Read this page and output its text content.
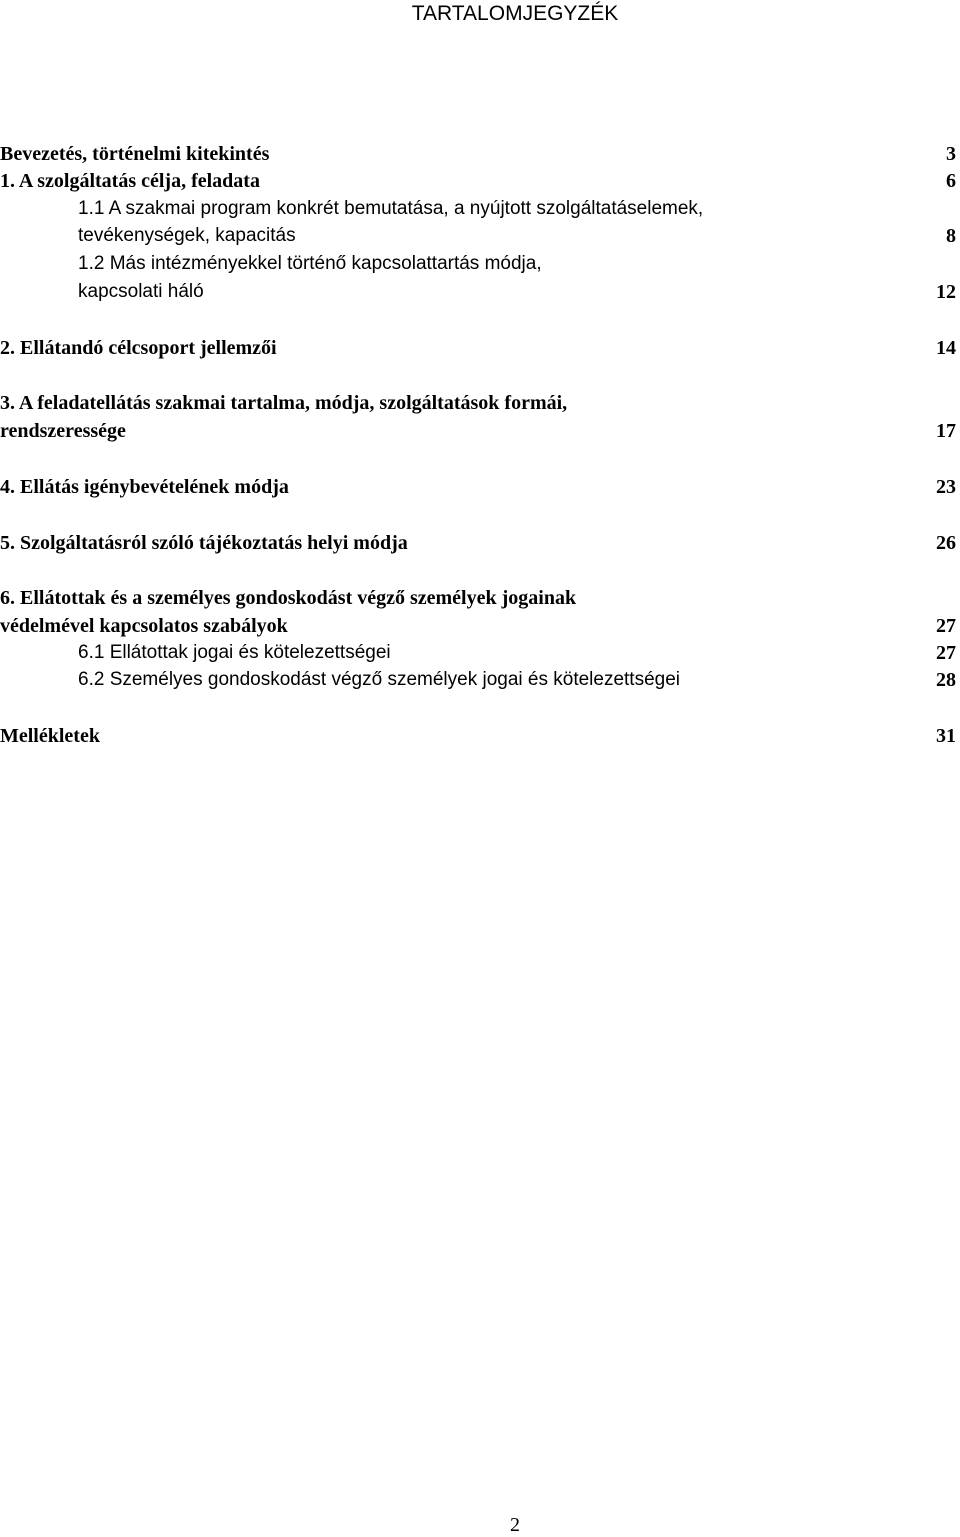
TARTALOMJEGYZÉK
Bevezetés, történelmi kitekintés	3
1. A szolgáltatás célja, feladata	6
1.1 A szakmai program konkrét bemutatása, a nyújtott szolgáltatáselemek,
tevékenységek, kapacitás	8
1.2 Más intézményekkel történő kapcsolattartás módja,
kapcsolati háló	12
2. Ellátandó célcsoport jellemzői	14
3. A feladatellátás szakmai tartalma, módja, szolgáltatások formái,
rendszeressége	17
4. Ellátás igénybevételének módja	23
5. Szolgáltatásról szóló tájékoztatás helyi módja	26
6. Ellátottak és a személyes gondoskodást végző személyek jogainak
védelmével kapcsolatos szabályok	27
6.1 Ellátottak jogai és kötelezettségei	27
6.2 Személyes gondoskodást végző személyek jogai és kötelezettségei	28
Mellékletek	31
2
